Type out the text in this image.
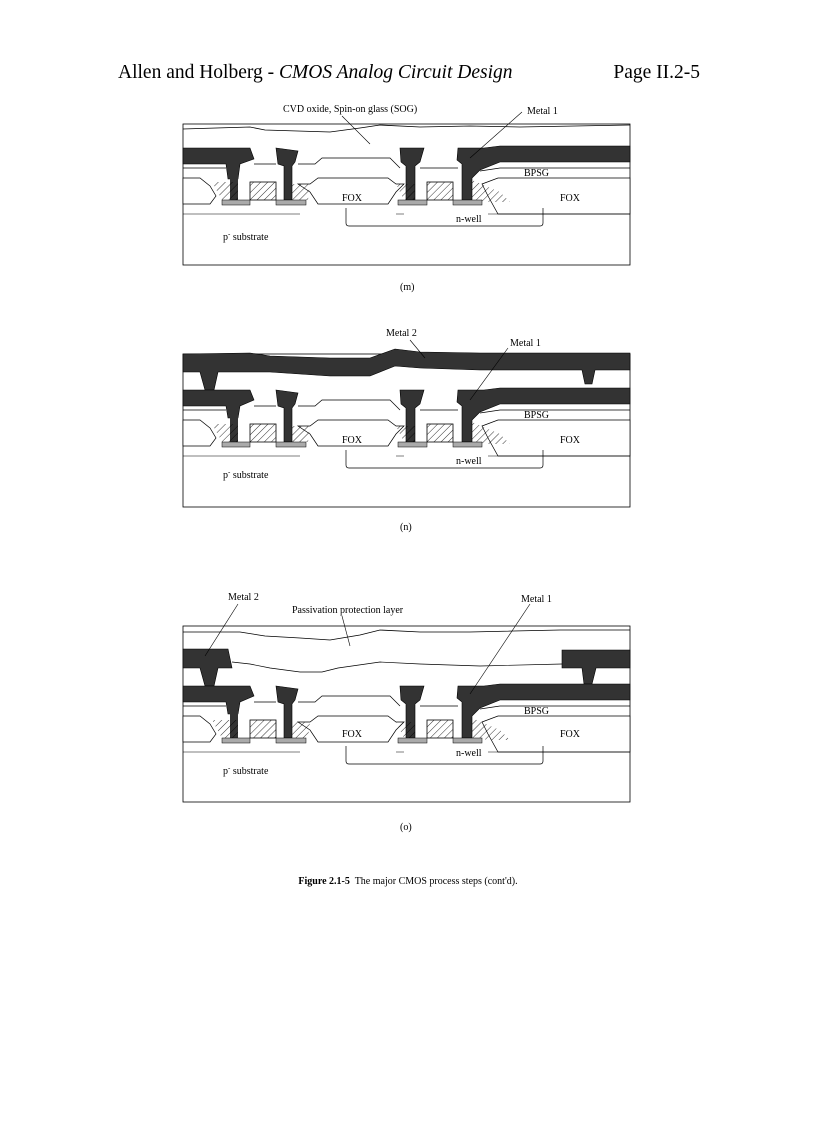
Allen and Holberg - CMOS Analog Circuit Design	Page II.2-5
CVD oxide, Spin-on glass (SOG)	Metal 1
BPSG
FOX	FOX
n-well
p- substrate
(m)
Metal 2
Metal 1
BPSG
FOX	FOX
n-well
p- substrate
(n)
Metal 2
Passivation protection layer
Metal 1
BPSG
FOX	FOX
n-well
p- substrate
(o)
Figure 2.1-5  The major CMOS process steps (cont'd).
